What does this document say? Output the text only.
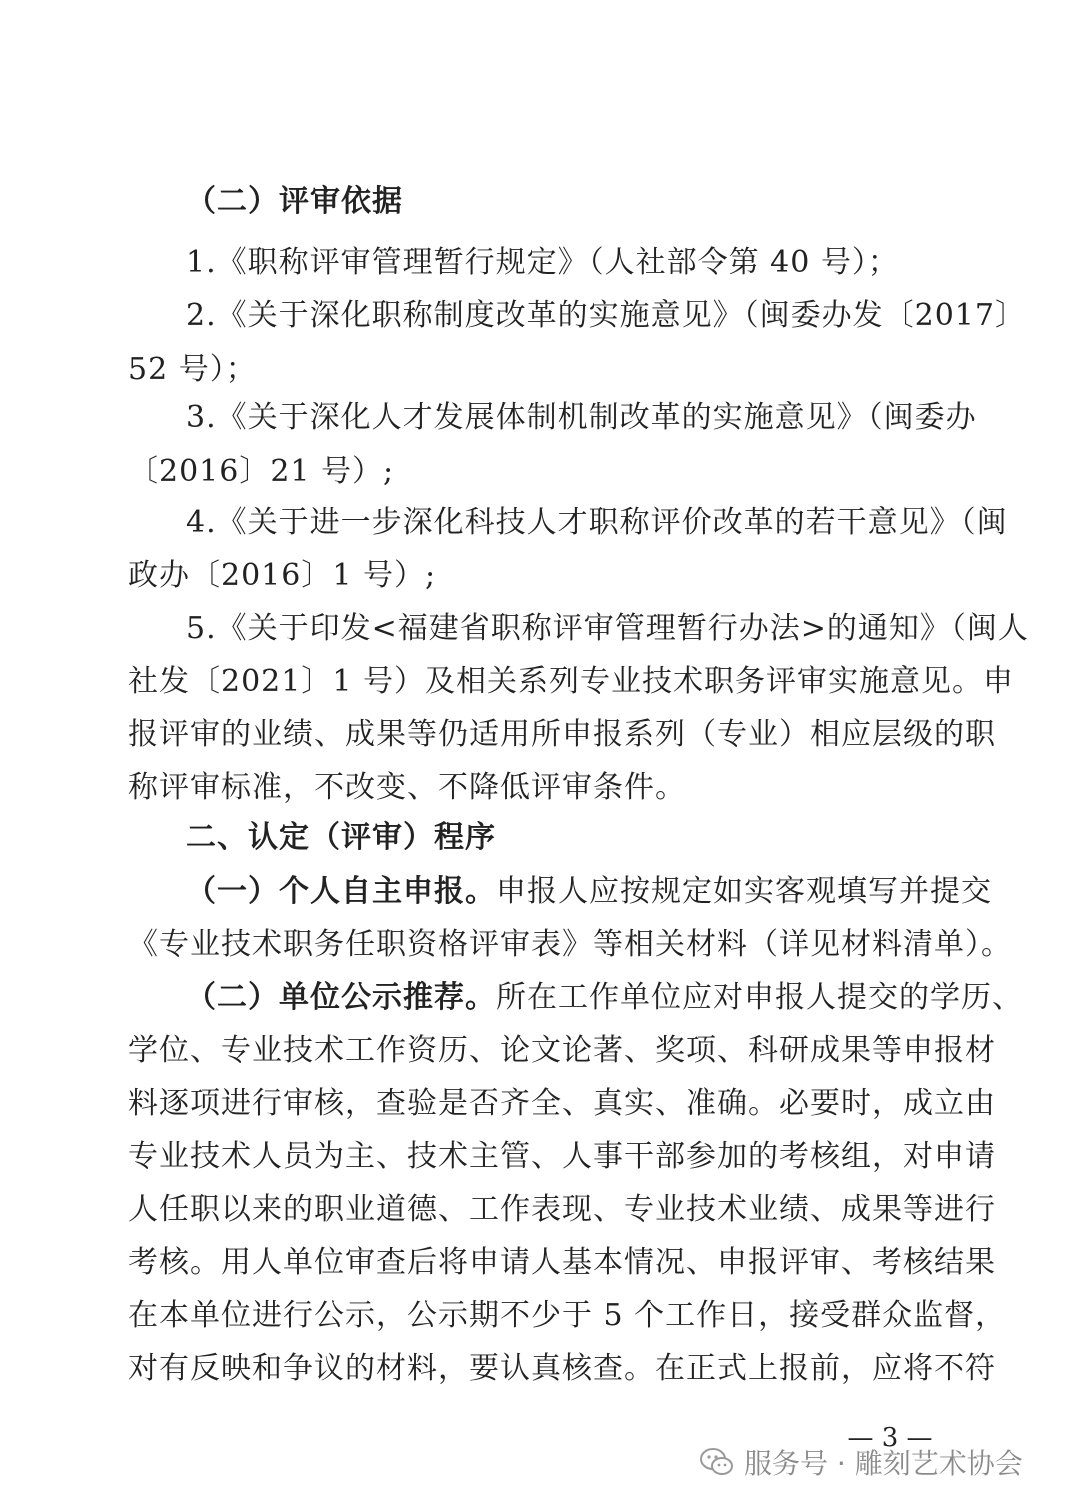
（二）评审依据
1.《职称评审管理暂行规定》（人社部令第 40 号）；
2.《关于深化职称制度改革的实施意见》（闽委办发〔2017〕
52 号）；
3.《关于深化人才发展体制机制改革的实施意见》（闽委办
〔2016〕21 号）;
4.《关于进一步深化科技人才职称评价改革的若干意见》（闽
政办〔2016〕1 号）;
5.《关于印发<福建省职称评审管理暂行办法>的通知》（闽人
社发〔2021〕1 号）及相关系列专业技术职务评审实施意见。申
报评审的业绩、成果等仍适用所申报系列（专业）相应层级的职
称评审标准，不改变、不降低评审条件。
二、认定（评审）程序
（一）个人自主申报。申报人应按规定如实客观填写并提交
《专业技术职务任职资格评审表》等相关材料（详见材料清单）。
（二）单位公示推荐。所在工作单位应对申报人提交的学历、
学位、专业技术工作资历、论文论著、奖项、科研成果等申报材
料逐项进行审核，查验是否齐全、真实、准确。必要时，成立由
专业技术人员为主、技术主管、人事干部参加的考核组，对申请
人任职以来的职业道德、工作表现、专业技术业绩、成果等进行
考核。用人单位审查后将申请人基本情况、申报评审、考核结果
在本单位进行公示，公示期不少于 5 个工作日，接受群众监督，
对有反映和争议的材料，要认真核查。在正式上报前，应将不符
— 3 —
服务号 · 雕刻艺术协会
